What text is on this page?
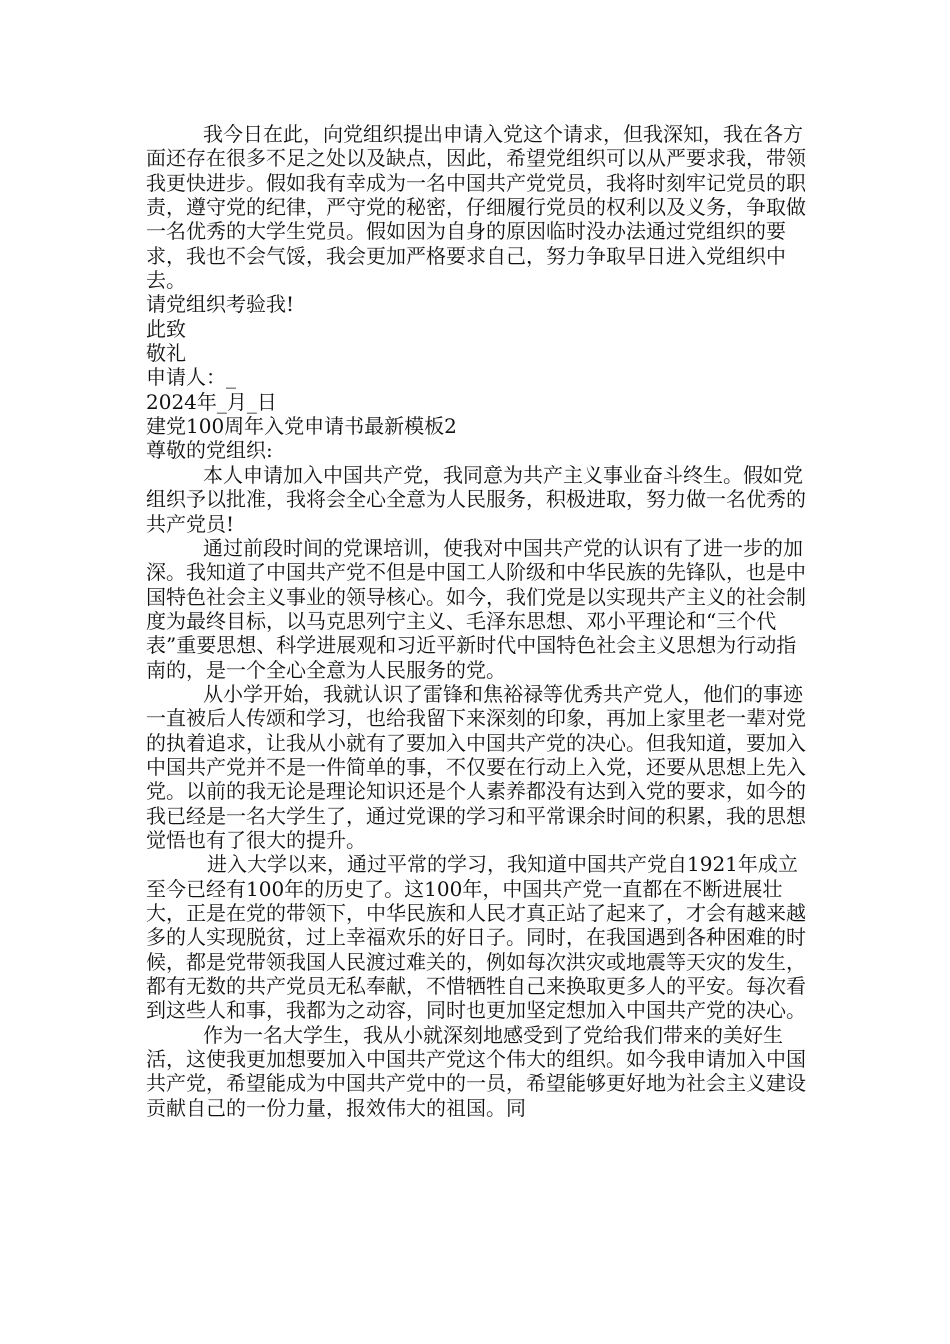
我今日在此，向党组织提出申请入党这个请求，但我深知，我在各方面还存在很多不足之处以及缺点，因此，希望党组织可以从严要求我，带领我更快进步。假如我有幸成为一名中国共产党党员，我将时刻牢记党员的职责，遵守党的纪律，严守党的秘密，仔细履行党员的权利以及义务，争取做一名优秀的大学生党员。假如因为自身的原因临时没办法通过党组织的要求，我也不会气馁，我会更加严格要求自己，努力争取早日进入党组织中去。

请党组织考验我!

此致

敬礼

申请人：_

2024年_月_日

建党100周年入党申请书最新模板2

尊敬的党组织:

本人申请加入中国共产党，我同意为共产主义事业奋斗终生。假如党组织予以批准，我将会全心全意为人民服务，积极进取，努力做一名优秀的共产党员!

通过前段时间的党课培训，使我对中国共产党的认识有了进一步的加深。我知道了中国共产党不但是中国工人阶级和中华民族的先锋队，也是中国特色社会主义事业的领导核心。如今，我们党是以实现共产主义的社会制度为最终目标，以马克思列宁主义、毛泽东思想、邓小平理论和“三个代表”重要思想、科学进展观和习近平新时代中国特色社会主义思想为行动指南的，是一个全心全意为人民服务的党。

从小学开始，我就认识了雷锋和焦裕禄等优秀共产党人，他们的事迹一直被后人传颂和学习，也给我留下来深刻的印象，再加上家里老一辈对党的执着追求，让我从小就有了要加入中国共产党的决心。但我知道，要加入中国共产党并不是一件简单的事，不仅要在行动上入党，还要从思想上先入党。以前的我无论是理论知识还是个人素养都没有达到入党的要求，如今的我已经是一名大学生了，通过党课的学习和平常课余时间的积累，我的思想觉悟也有了很大的提升。

进入大学以来，通过平常的学习，我知道中国共产党自1921年成立至今已经有100年的历史了。这100年，中国共产党一直都在不断进展壮大，正是在党的带领下，中华民族和人民才真正站了起来了，才会有越来越多的人实现脱贫，过上幸福欢乐的好日子。同时，在我国遇到各种困难的时候，都是党带领我国人民渡过难关的，例如每次洪灾或地震等天灾的发生，都有无数的共产党员无私奉献，不惜牺牲自己来换取更多人的平安。每次看到这些人和事，我都为之动容，同时也更加坚定想加入中国共产党的决心。

作为一名大学生，我从小就深刻地感受到了党给我们带来的美好生活，这使我更加想要加入中国共产党这个伟大的组织。如今我申请加入中国共产党，希望能成为中国共产党中的一员，希望能够更好地为社会主义建设贡献自己的一份力量，报效伟大的祖国。同
